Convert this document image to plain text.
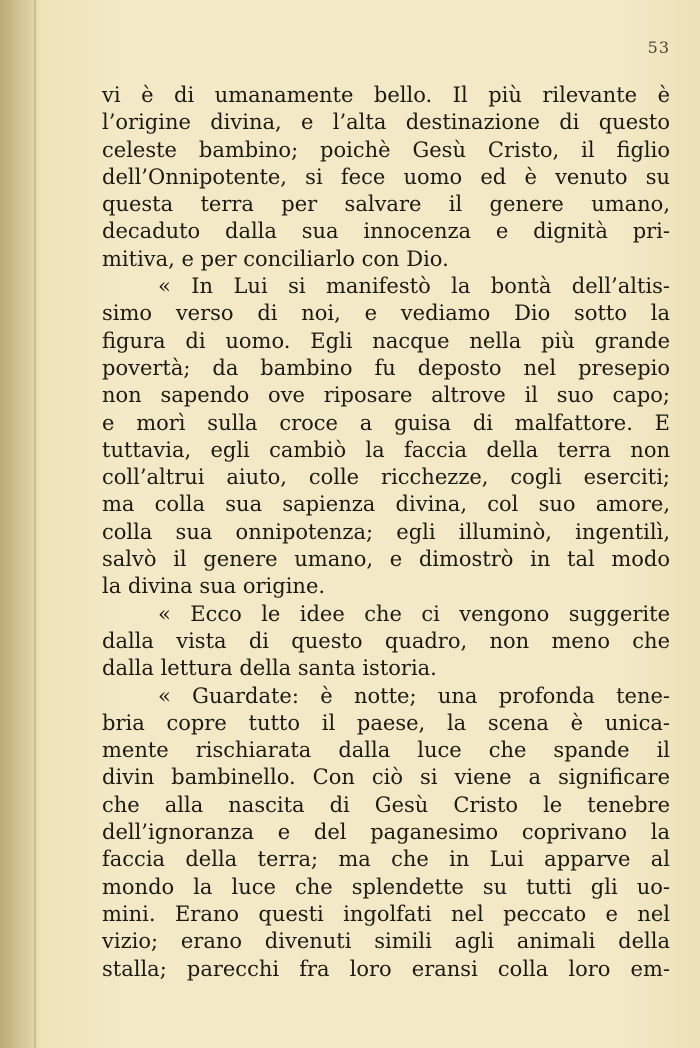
53
vi è di umanamente bello. Il più rilevante è
l’origine divina, e l’alta destinazione di questo
celeste bambino; poichè Gesù Cristo, il figlio
dell’Onnipotente, si fece uomo ed è venuto su
questa terra per salvare il genere umano,
decaduto dalla sua innocenza e dignità pri-
mitiva, e per conciliarlo con Dio.
« In Lui si manifestò la bontà dell’altis-
simo verso di noi, e vediamo Dio sotto la
figura di uomo. Egli nacque nella più grande
povertà; da bambino fu deposto nel presepio
non sapendo ove riposare altrove il suo capo;
e morì sulla croce a guisa di malfattore. E
tuttavia, egli cambiò la faccia della terra non
coll’altrui aiuto, colle ricchezze, cogli eserciti;
ma colla sua sapienza divina, col suo amore,
colla sua onnipotenza; egli illuminò, ingentilì,
salvò il genere umano, e dimostrò in tal modo
la divina sua origine.
« Ecco le idee che ci vengono suggerite
dalla vista di questo quadro, non meno che
dalla lettura della santa istoria.
« Guardate: è notte; una profonda tene-
bria copre tutto il paese, la scena è unica-
mente rischiarata dalla luce che spande il
divin bambinello. Con ciò si viene a significare
che alla nascita di Gesù Cristo le tenebre
dell’ignoranza e del paganesimo coprivano la
faccia della terra; ma che in Lui apparve al
mondo la luce che splendette su tutti gli uo-
mini. Erano questi ingolfati nel peccato e nel
vizio; erano divenuti simili agli animali della
stalla; parecchi fra loro eransi colla loro em-
